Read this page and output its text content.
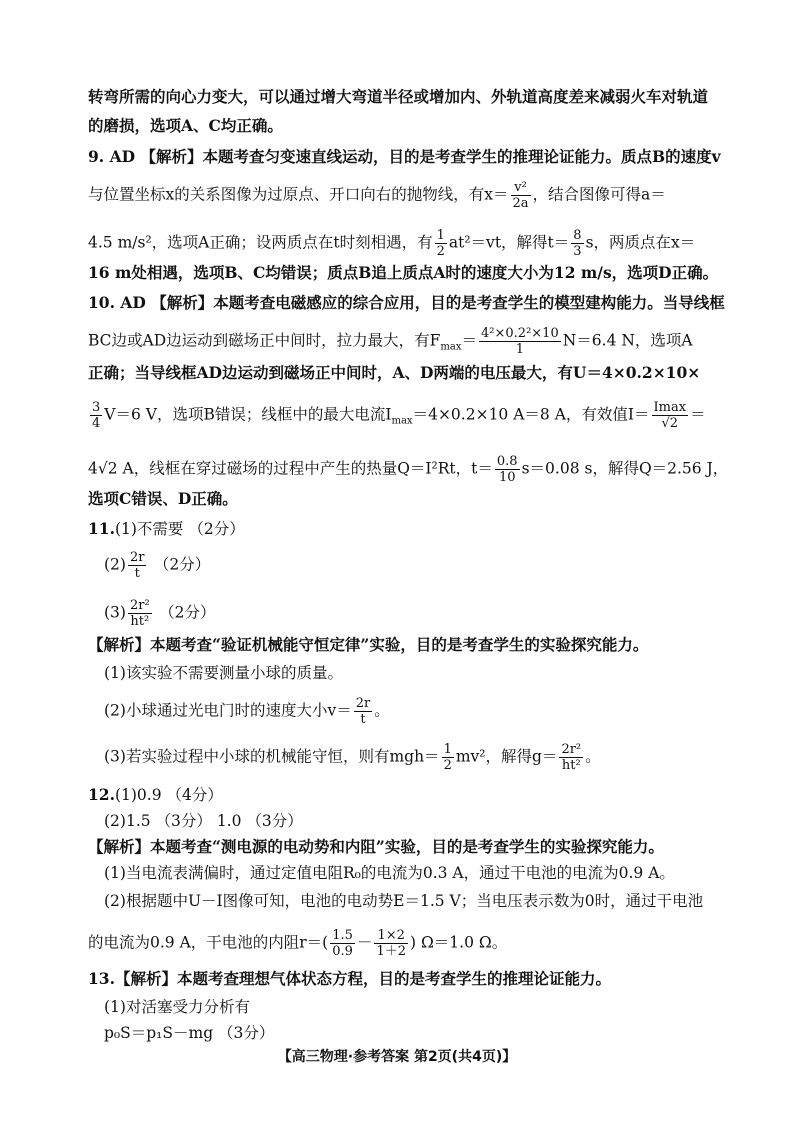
转弯所需的向心力变大，可以通过增大弯道半径或增加内、外轨道高度差来减弱火车对轨道
的磨损，选项A、C均正确。
9. AD 【解析】本题考查匀变速直线运动，目的是考查学生的推理论证能力。质点B的速度v
与位置坐标x的关系图像为过原点、开口向右的抛物线，有$x= \frac{\text{v²}}{2a}$ ，结合图像可得a＝
4.5 m/s²，选项A正确；设两质点在t时刻相遇，有 $\frac{1}{2} at^2=vt$，解得$t= \frac{8}{3}$ s，两质点在x＝
16 m处相遇，选项B、C均错误；质点B追上质点A时的速度大小为12 m/s，选项D正确。
10. AD 【解析】本题考查电磁感应的综合应用，目的是考查学生的模型建构能力。当导线框
BC边或AD边运动到磁场正中间时，拉力最大，有$F_{max}= \frac{\text{4²×0.2²×10}}{1} N=6.4$ N，选项A
正确；当导线框AD边运动到磁场正中间时，A、D两端的电压最大，有U＝4×0.2×10×
$\frac{3}{4} V=6$ V，选项B错误；线框中的最大电流$I_{max}=4\times 0.2\times 10$ A＝8 A，有效值$I= \frac{Imax}{√2}$ ＝
4√2 A，线框在穿过磁场的过程中产生的热量Q＝I²Rt，$t= \frac{0.8}{10} s=0.08$ s，解得Q＝2.56 J，
选项C错误、D正确。
11.(1)不需要 （2分）
$(2) \frac{2r}{t} (2$分）
$(3) \frac{\text{2r²}}{\text{ht²}} (2$分）
【解析】本题考查“验证机械能守恒定律”实验，目的是考查学生的实验探究能力。
(1)该实验不需要测量小球的质量。
(2)小球通过光电门时的速度大小$v= \frac{2r}{t}$ 。
(3)若实验过程中小球的机械能守恒，则有$mgh= \frac{1}{2} mv^2$，解得$g= \frac{\text{2r²}}{\text{ht²}}$ 。
12.(1)0.9 （4分）
(2)1.5 （3分） 1.0 （3分）
【解析】本题考查“测电源的电动势和内阻”实验，目的是考查学生的实验探究能力。
(1)当电流表满偏时，通过定值电阻R₀的电流为0.3 A，通过干电池的电流为0.9 A。
(2)根据题中U－I图像可知，电池的电动势E＝1.5 V；当电压表示数为0时，通过干电池
的电流为0.9 A，干电池的内阻$r=( \frac{1.5}{0.9} - \frac{1\times 2}{1+2}$ ) Ω＝1.0 Ω。
13.【解析】本题考查理想气体状态方程，目的是考查学生的推理论证能力。
(1)对活塞受力分析有
p₀S＝p₁S－mg （3分）
【高三物理·参考答案 第2页(共4页)】
